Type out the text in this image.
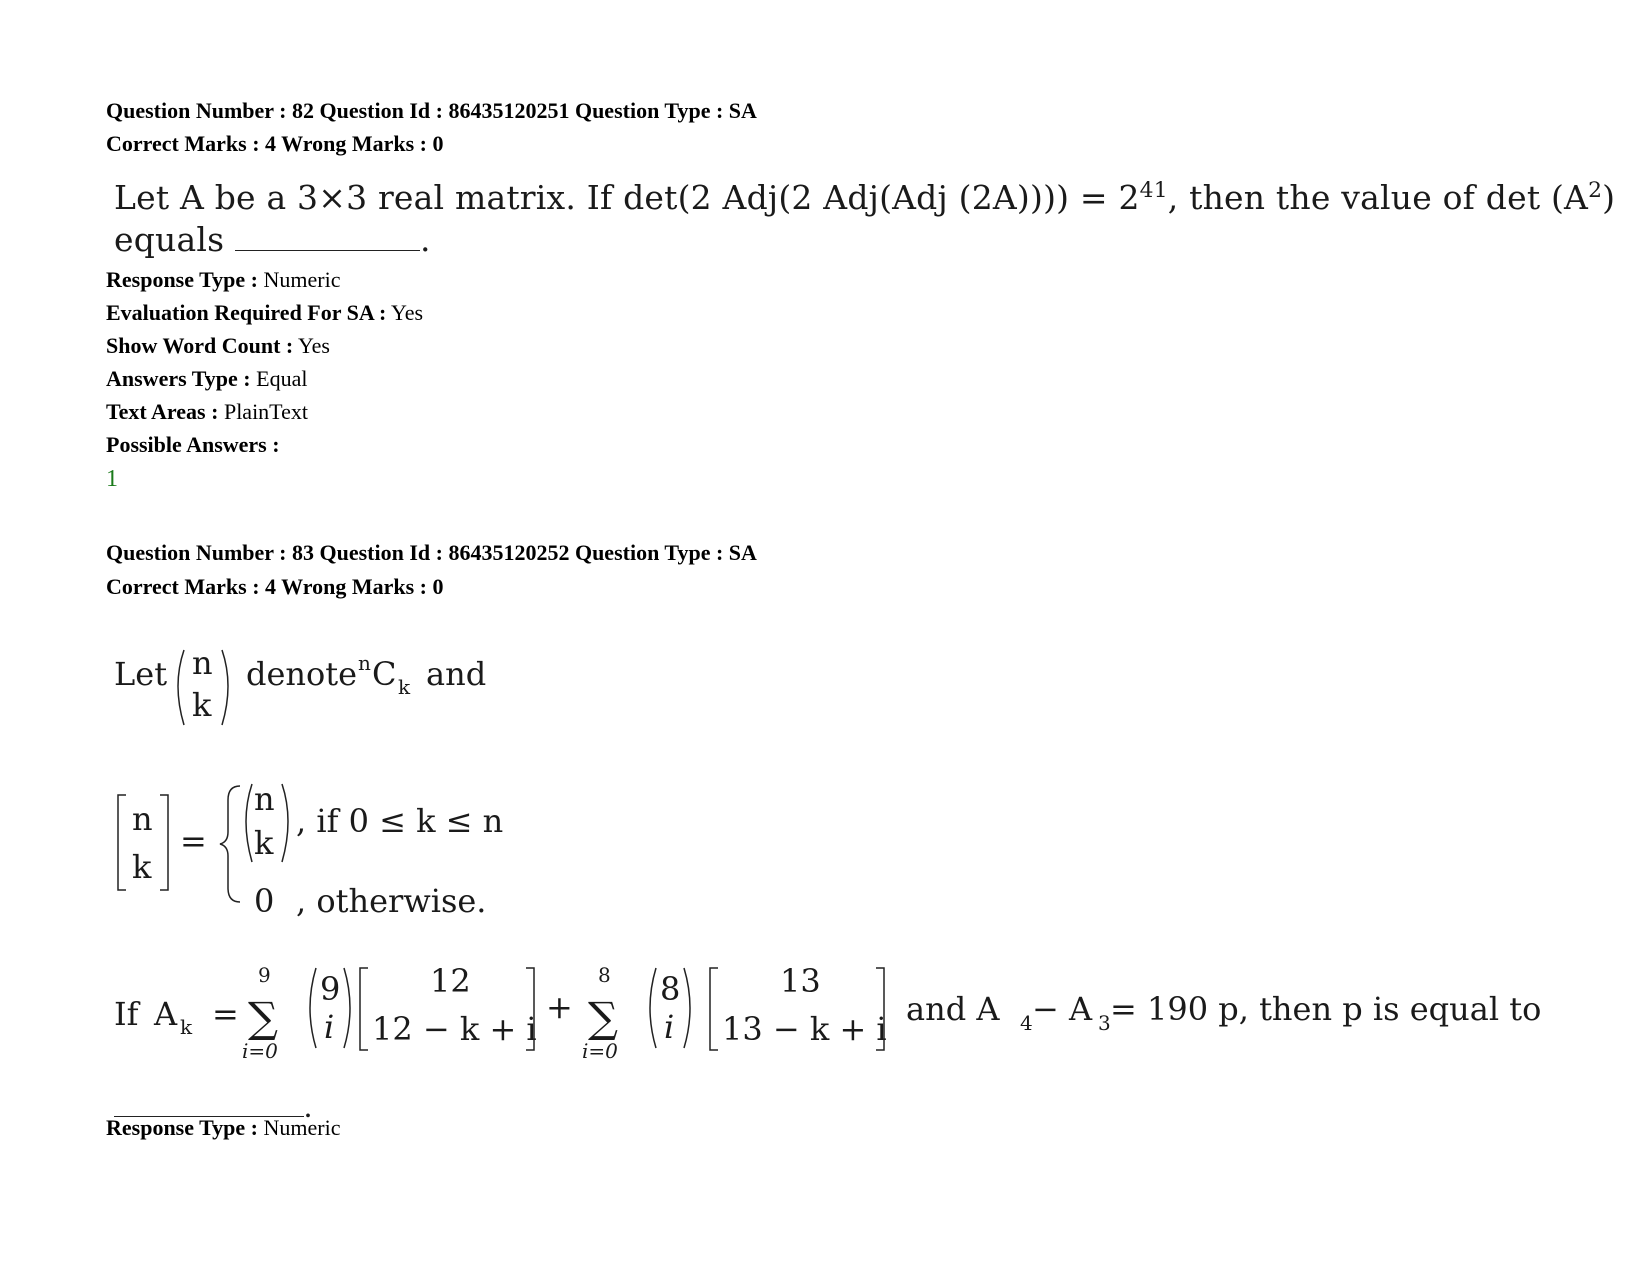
Question Number : 82 Question Id : 86435120251 Question Type : SA
Correct Marks : 4 Wrong Marks : 0
Let A be a 3×3 real matrix. If det(2 Adj(2 Adj(Adj $(2A)))) = 2^{41}$, then the value of $\det (A^2)$
equals	.
Response Type : Numeric
Evaluation Required For SA : Yes
Show Word Count : Yes
Answers Type : Equal
Text Areas : PlainText
Possible Answers :
1
Question Number : 83 Question Id : 86435120252 Question Type : SA
Correct Marks : 4 Wrong Marks : 0
Let n
k
denote n C k and
n
k
=
n
k
, if 0 ≤ k ≤ n
0 , otherwise.
If A k =
9
∑
i=0
9
i
12
12 − k + i
+
8
∑
i=0
8
i
13
13 − k + i
and A 4 − A 3 = 190 p, then p is equal to
.
Response Type : Numeric
